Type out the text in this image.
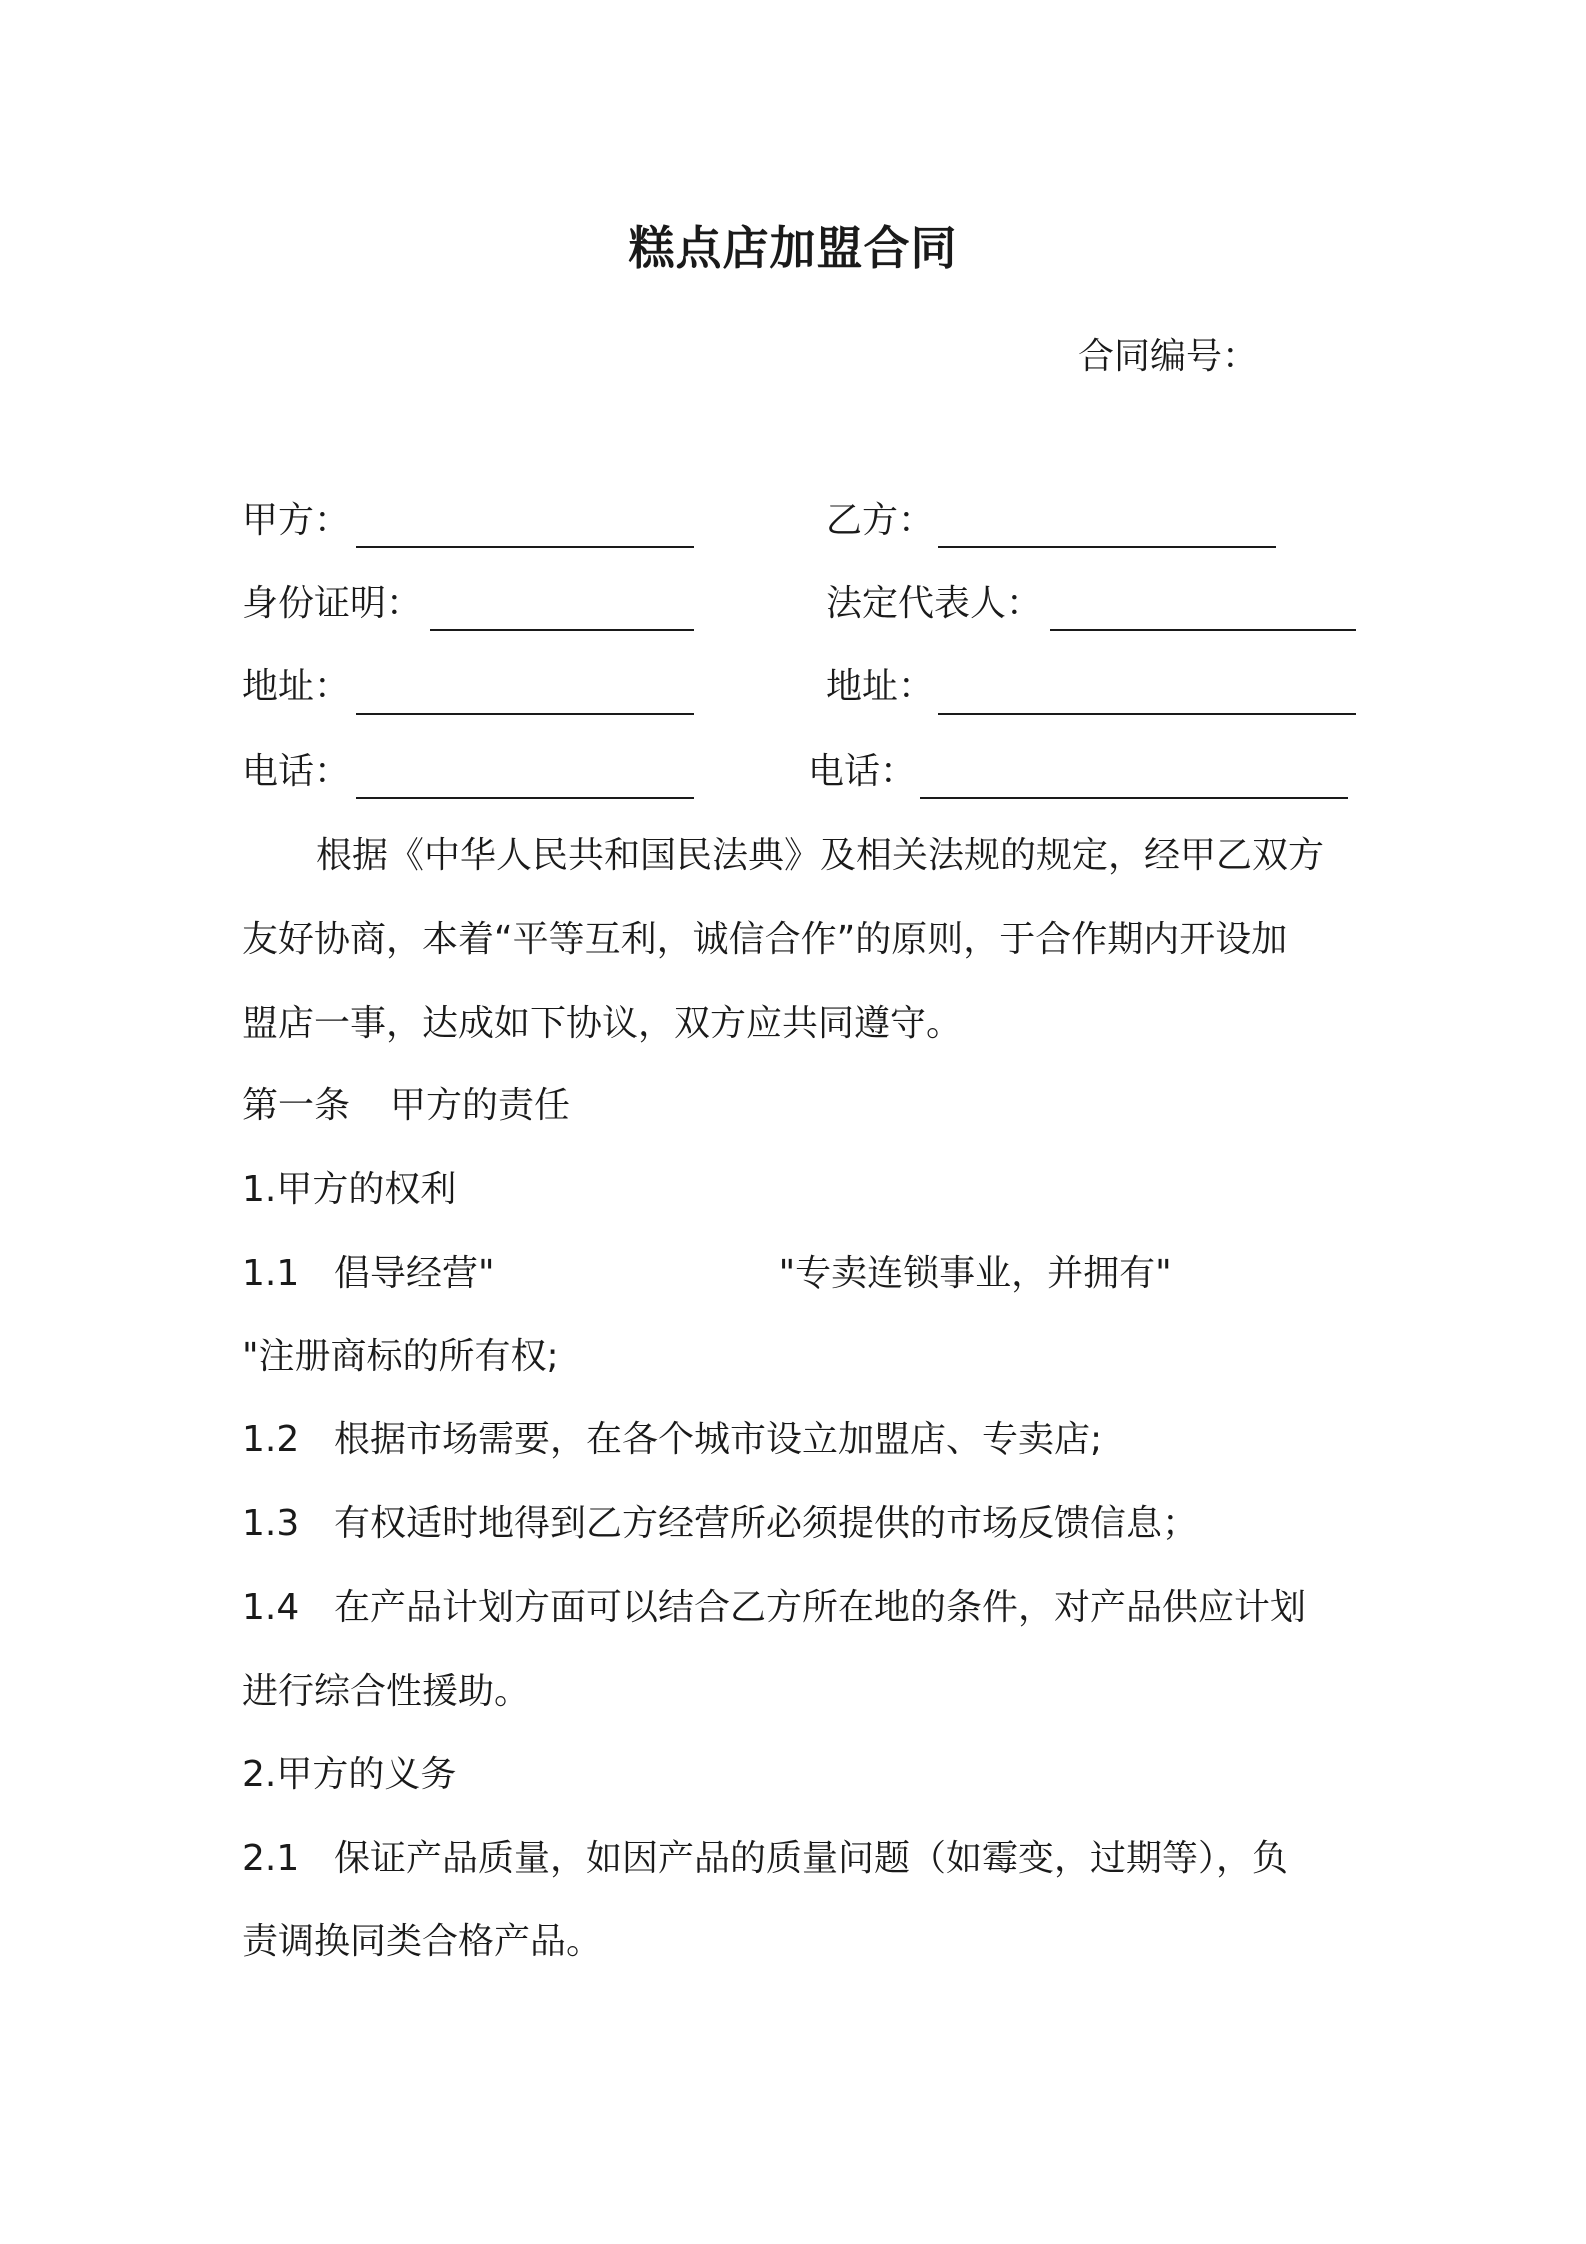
糕点店加盟合同
合同编号：
甲方：	乙方：
身份证明：	法定代表人：
地址：	地址：
电话：	电话：
根据《中华人民共和国民法典》及相关法规的规定，经甲乙双方
友好协商，本着“平等互利，诚信合作”的原则，于合作期内开设加
盟店一事，达成如下协议，双方应共同遵守。
第一条 甲方的责任
1.甲方的权利
1.1 倡导经营"	"专卖连锁事业，并拥有"
"注册商标的所有权;
1.2 根据市场需要，在各个城市设立加盟店、专卖店;
1.3 有权适时地得到乙方经营所必须提供的市场反馈信息；
1.4 在产品计划方面可以结合乙方所在地的条件，对产品供应计划
进行综合性援助。
2.甲方的义务
2.1 保证产品质量，如因产品的质量问题（如霉变，过期等），负
责调换同类合格产品。
